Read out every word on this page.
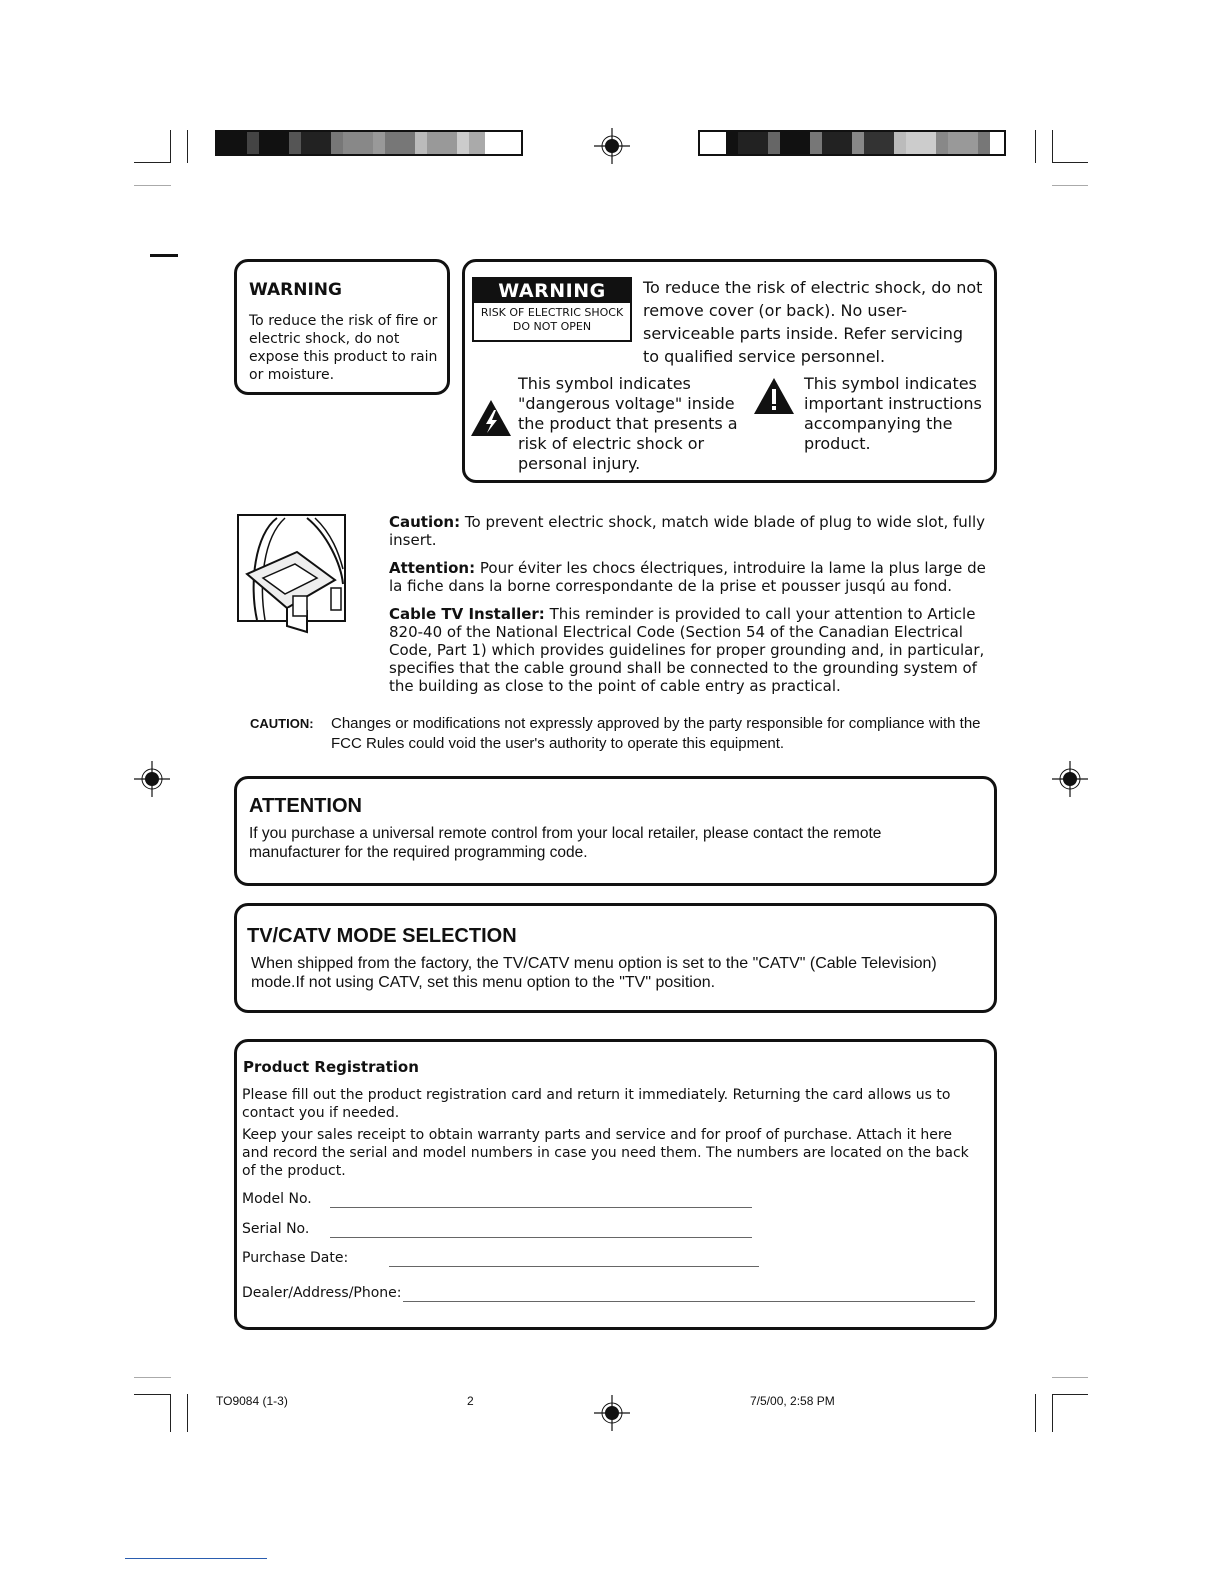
WARNING
To reduce the risk of fire or electric shock, do not expose this product to rain or moisture.
WARNING
RISK OF ELECTRIC SHOCK
DO NOT OPEN
To reduce the risk of electric shock, do not remove cover (or back). No user-serviceable parts inside. Refer servicing to qualified service personnel.
This symbol indicates "dangerous voltage" inside the product that presents a risk of electric shock or personal injury.
This symbol indicates important instructions accompanying the product.
Caution: To prevent electric shock, match wide blade of plug to wide slot, fully insert.
Attention: Pour éviter les chocs électriques, introduire la lame la plus large de la fiche dans la borne correspondante de la prise et pousser jusqú au fond.
Cable TV Installer: This reminder is provided to call your attention to Article 820-40 of the National Electrical Code (Section 54 of the Canadian Electrical Code, Part 1) which provides guidelines for proper grounding and, in particular, specifies that the cable ground shall be connected to the grounding system of the building as close to the point of cable entry as practical.
CAUTION: Changes or modifications not expressly approved by the party responsible for compliance with the FCC Rules could void the user's authority to operate this equipment.
ATTENTION
If you purchase a universal remote control from your local retailer, please contact the remote manufacturer for the required programming code.
TV/CATV MODE SELECTION
When shipped from the factory, the TV/CATV menu option is set to the "CATV" (Cable Television) mode.If not using CATV, set this menu option to the "TV" position.
Product Registration
Please fill out the product registration card and return it immediately. Returning the card allows us to contact you if needed.
Keep your sales receipt to obtain warranty parts and service and for proof of purchase. Attach it here and record the serial and model numbers in case you need them. The numbers are located on the back of the product.
Model No.
Serial No.
Purchase Date:
Dealer/Address/Phone:
TO9084 (1-3)	2	7/5/00, 2:58 PM
